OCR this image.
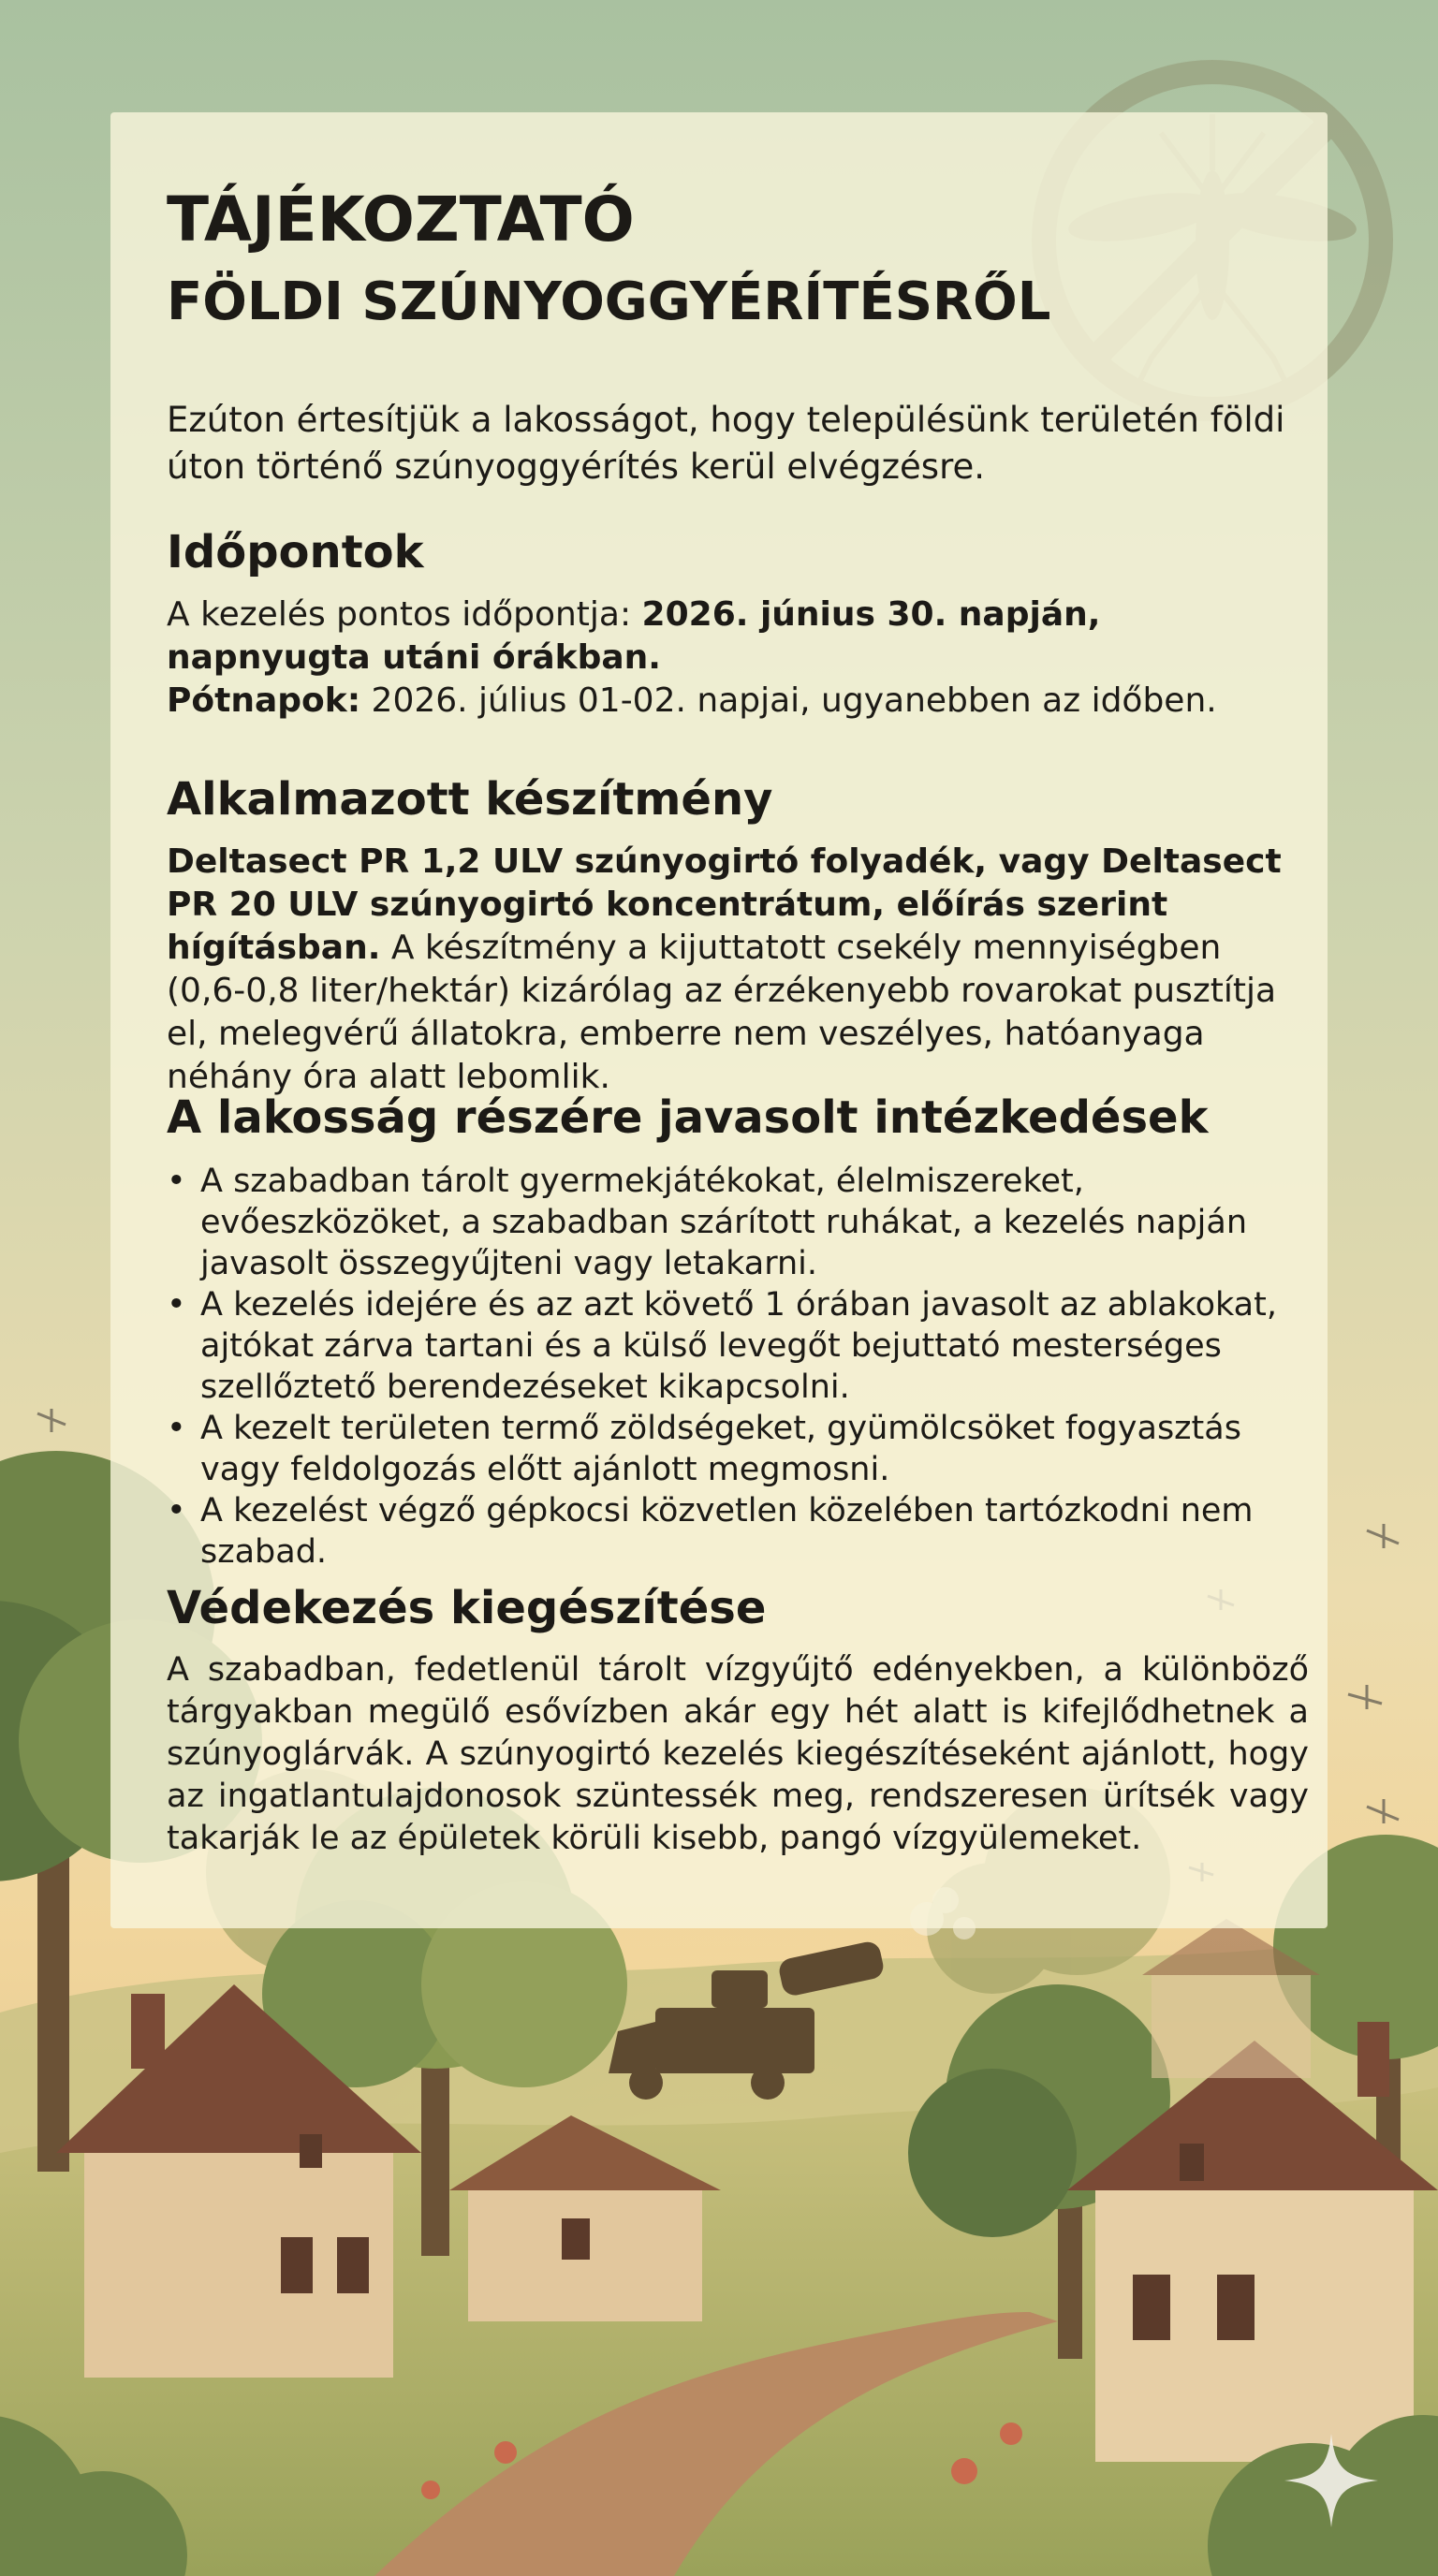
TÁJÉKOZTATÓ
FÖLDI SZÚNYOGGYÉRÍTÉSRŐL
Ezúton értesítjük a lakosságot, hogy településünk területén földi úton történő szúnyoggyérítés kerül elvégzésre.
Időpontok
A kezelés pontos időpontja: 2026. június 30. napján, napnyugta utáni órákban.
Pótnapok: 2026. július 01-02. napjai, ugyanebben az időben.
Alkalmazott készítmény
Deltasect PR 1,2 ULV szúnyogirtó folyadék, vagy Deltasect PR 20 ULV szúnyogirtó koncentrátum, előírás szerint hígításban. A készítmény a kijuttatott csekély mennyiségben (0,6-0,8 liter/hektár) kizárólag az érzékenyebb rovarokat pusztítja el, melegvérű állatokra, emberre nem veszélyes, hatóanyaga néhány óra alatt lebomlik.
A lakosság részére javasolt intézkedések
• A szabadban tárolt gyermekjátékokat, élelmiszereket, evőeszközöket, a szabadban szárított ruhákat, a kezelés napján javasolt összegyűjteni vagy letakarni.
• A kezelés idejére és az azt követő 1 órában javasolt az ablakokat, ajtókat zárva tartani és a külső levegőt bejuttató mesterséges szellőztető berendezéseket kikapcsolni.
• A kezelt területen termő zöldségeket, gyümölcsöket fogyasztás vagy feldolgozás előtt ajánlott megmosni.
• A kezelést végző gépkocsi közvetlen közelében tartózkodni nem szabad.
Védekezés kiegészítése
A szabadban, fedetlenül tárolt vízgyűjtő edényekben, a különböző tárgyakban megülő esővízben akár egy hét alatt is kifejlődhetnek a szúnyoglárvák. A szúnyogirtó kezelés kiegészítéseként ajánlott, hogy az ingatlantulajdonosok szüntessék meg, rendszeresen ürítsék vagy takarják le az épületek körüli kisebb, pangó vízgyülemeket.
